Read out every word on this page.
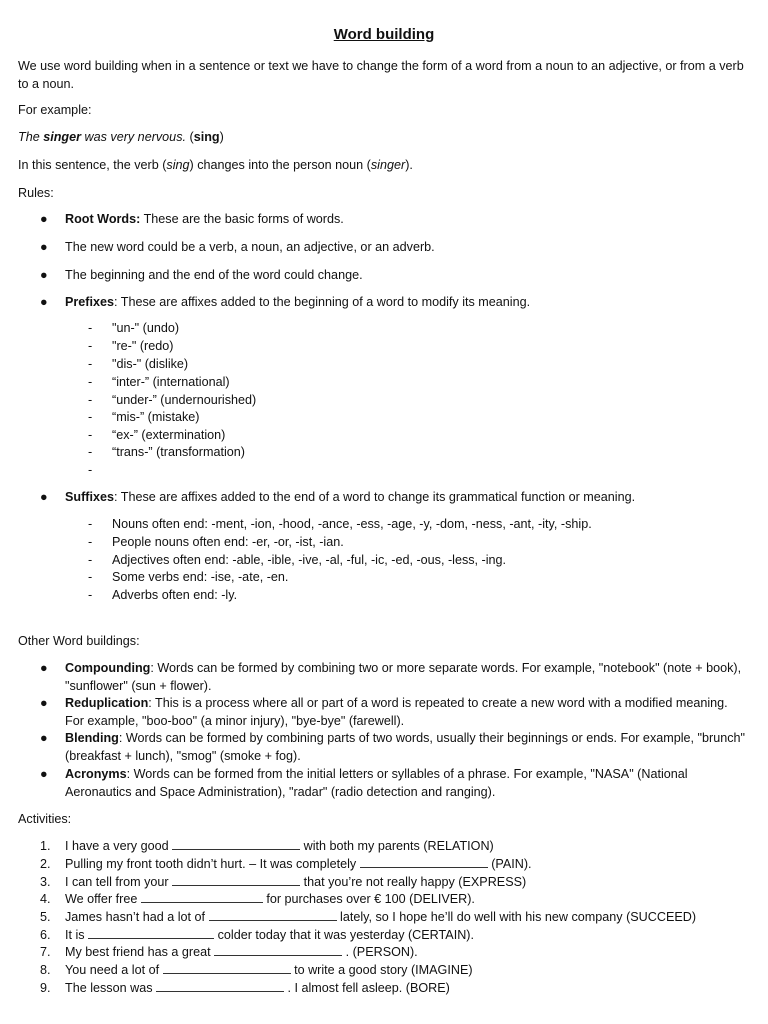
Word building
We use word building when in a sentence or text we have to change the form of a word from a noun to an adjective, or from a verb to a noun.
For example:
The singer was very nervous. (sing)
In this sentence, the verb (sing) changes into the person noun (singer).
Rules:
● Root Words: These are the basic forms of words.
● The new word could be a verb, a noun, an adjective, or an adverb.
● The beginning and the end of the word could change.
● Prefixes: These are affixes added to the beginning of a word to modify its meaning.
- "un-" (undo)
- "re-" (redo)
- "dis-" (dislike)
- “inter-” (international)
- “under-” (undernourished)
- “mis-” (mistake)
- “ex-” (extermination)
- “trans-” (transformation)
-
● Suffixes: These are affixes added to the end of a word to change its grammatical function or meaning.
- Nouns often end: -ment, -ion, -hood, -ance, -ess, -age, -y, -dom, -ness, -ant, -ity, -ship.
- People nouns often end: -er, -or, -ist, -ian.
- Adjectives often end: -able, -ible, -ive, -al, -ful, -ic, -ed, -ous, -less, -ing.
- Some verbs end: -ise, -ate, -en.
- Adverbs often end: -ly.
Other Word buildings:
● Compounding: Words can be formed by combining two or more separate words. For example, "notebook" (note + book), "sunflower" (sun + flower).
● Reduplication: This is a process where all or part of a word is repeated to create a new word with a modified meaning. For example, "boo-boo" (a minor injury), "bye-bye" (farewell).
● Blending: Words can be formed by combining parts of two words, usually their beginnings or ends. For example, "brunch" (breakfast + lunch), "smog" (smoke + fog).
● Acronyms: Words can be formed from the initial letters or syllables of a phrase. For example, "NASA" (National Aeronautics and Space Administration), "radar" (radio detection and ranging).
Activities:
1.	I have a very good	with both my parents (RELATION)
2.	Pulling my front tooth didn’t hurt. – It was completely	(PAIN).
3.	I can tell from your	that you’re not really happy (EXPRESS)
4.	We offer free	for purchases over € 100 (DELIVER).
5.	James hasn’t had a lot of	lately, so I hope he’ll do well with his new company (SUCCEED)
6.	It is	colder today that it was yesterday (CERTAIN).
7.	My best friend has a great	. (PERSON).
8.	You need a lot of	to write a good story (IMAGINE)
9.	The lesson was	. I almost fell asleep. (BORE)
